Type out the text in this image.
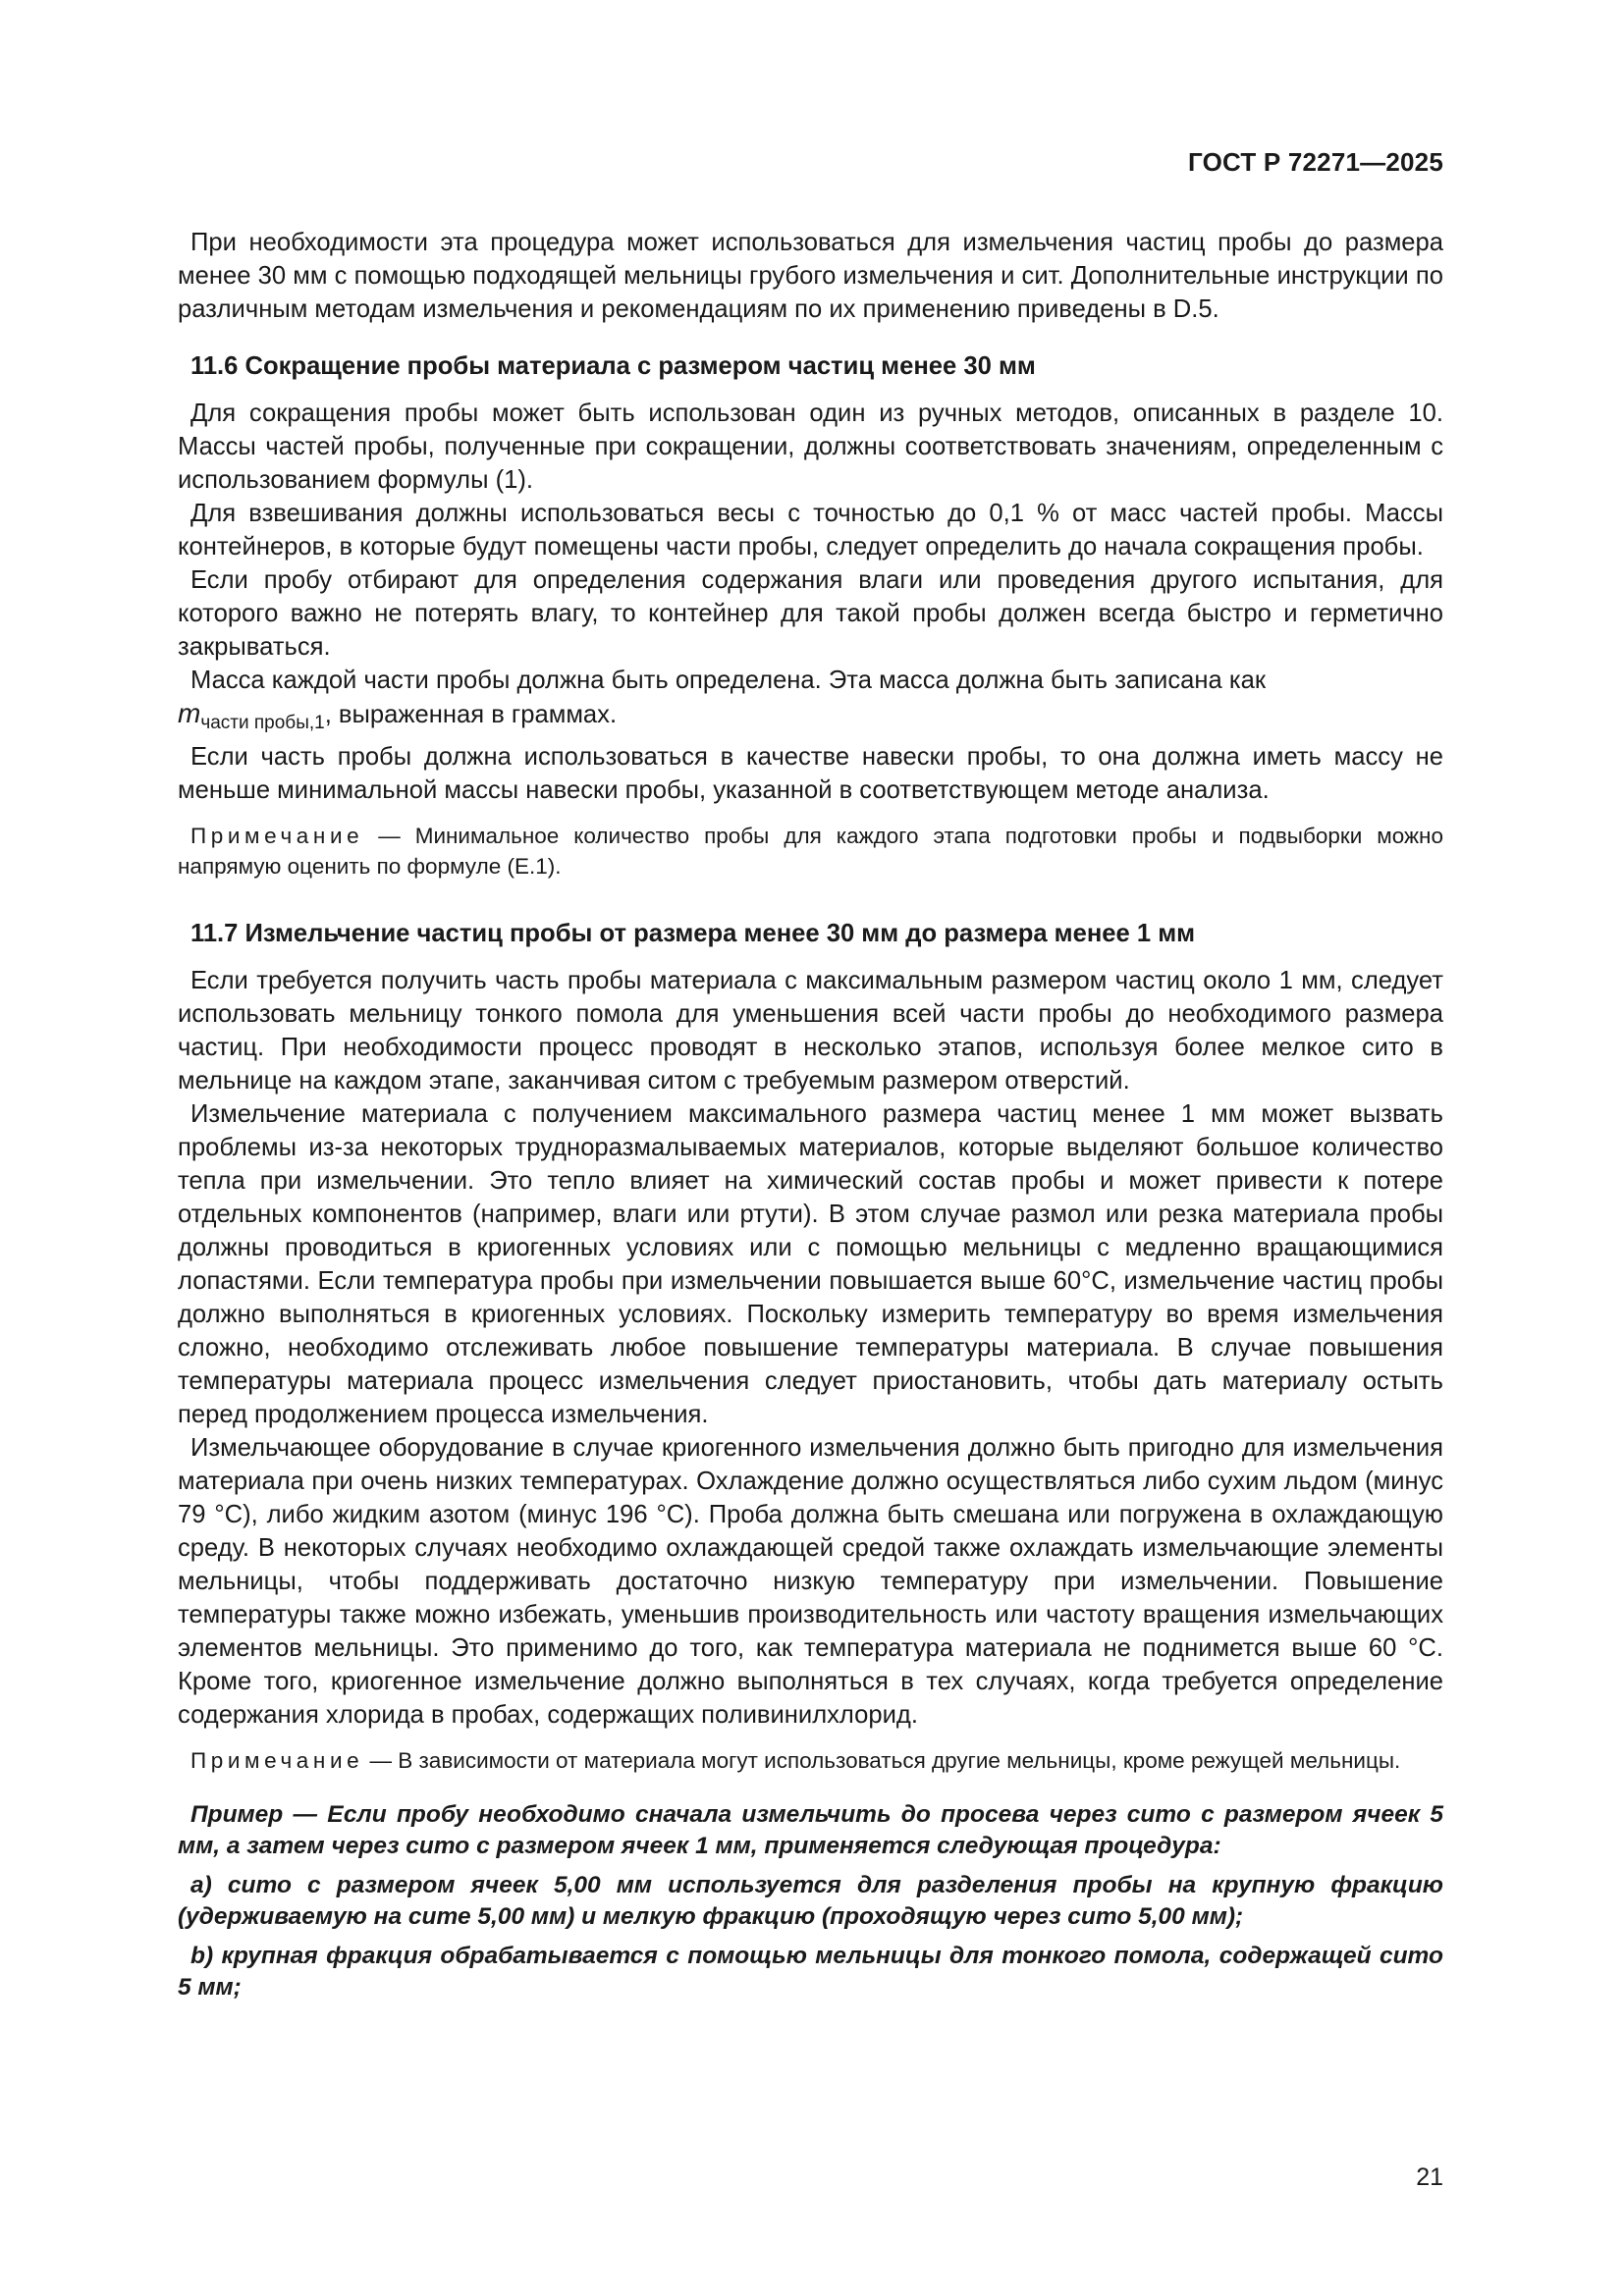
ГОСТ Р 72271—2025

При необходимости эта процедура может использоваться для измельчения частиц пробы до размера менее 30 мм с помощью подходящей мельницы грубого измельчения и сит. Дополнительные инструкции по различным методам измельчения и рекомендациям по их применению приведены в D.5.

11.6 Сокращение пробы материала с размером частиц менее 30 мм

Для сокращения пробы может быть использован один из ручных методов, описанных в разделе 10. Массы частей пробы, полученные при сокращении, должны соответствовать значениям, определенным с использованием формулы (1).

Для взвешивания должны использоваться весы с точностью до 0,1 % от масс частей пробы. Массы контейнеров, в которые будут помещены части пробы, следует определить до начала сокращения пробы.

Если пробу отбирают для определения содержания влаги или проведения другого испытания, для которого важно не потерять влагу, то контейнер для такой пробы должен всегда быстро и герметично закрываться.

Масса каждой части пробы должна быть определена. Эта масса должна быть записана как
$m_{части пробы,1}$, выраженная в граммах.

Если часть пробы должна использоваться в качестве навески пробы, то она должна иметь массу не меньше минимальной массы навески пробы, указанной в соответствующем методе анализа.

Примечание — Минимальное количество пробы для каждого этапа подготовки пробы и подвыборки можно напрямую оценить по формуле (E.1).
11.7 Измельчение частиц пробы от размера менее 30 мм до размера менее 1 мм

Если требуется получить часть пробы материала с максимальным размером частиц около 1 мм, следует использовать мельницу тонкого помола для уменьшения всей части пробы до необходимого размера частиц. При необходимости процесс проводят в несколько этапов, используя более мелкое сито в мельнице на каждом этапе, заканчивая ситом с требуемым размером отверстий.

Измельчение материала с получением максимального размера частиц менее 1 мм может вызвать проблемы из-за некоторых трудноразмалываемых материалов, которые выделяют большое количество тепла при измельчении. Это тепло влияет на химический состав пробы и может привести к потере отдельных компонентов (например, влаги или ртути). В этом случае размол или резка материала пробы должны проводиться в криогенных условиях или с помощью мельницы с медленно вращающимися лопастями. Если температура пробы при измельчении повышается выше 60°С, измельчение частиц пробы должно выполняться в криогенных условиях. Поскольку измерить температуру во время измельчения сложно, необходимо отслеживать любое повышение температуры материала. В случае повышения температуры материала процесс измельчения следует приостановить, чтобы дать материалу остыть перед продолжением процесса измельчения.

Измельчающее оборудование в случае криогенного измельчения должно быть пригодно для измельчения материала при очень низких температурах. Охлаждение должно осуществляться либо сухим льдом (минус 79 °С), либо жидким азотом (минус 196 °С). Проба должна быть смешана или погружена в охлаждающую среду. В некоторых случаях необходимо охлаждающей средой также охлаждать измельчающие элементы мельницы, чтобы поддерживать достаточно низкую температуру при измельчении. Повышение температуры также можно избежать, уменьшив производительность или частоту вращения измельчающих элементов мельницы. Это применимо до того, как температура материала не поднимется выше 60 °С. Кроме того, криогенное измельчение должно выполняться в тех случаях, когда требуется определение содержания хлорида в пробах, содержащих поливинилхлорид.

Примечание — В зависимости от материала могут использоваться другие мельницы, кроме режущей мельницы.

Пример — Если пробу необходимо сначала измельчить до просева через сито с размером ячеек 5 мм, а затем через сито с размером ячеек 1 мм, применяется следующая процедура:

a) сито с размером ячеек 5,00 мм используется для разделения пробы на крупную фракцию (удерживаемую на сите 5,00 мм) и мелкую фракцию (проходящую через сито 5,00 мм);

b) крупная фракция обрабатывается с помощью мельницы для тонкого помола, содержащей сито 5 мм;

21
